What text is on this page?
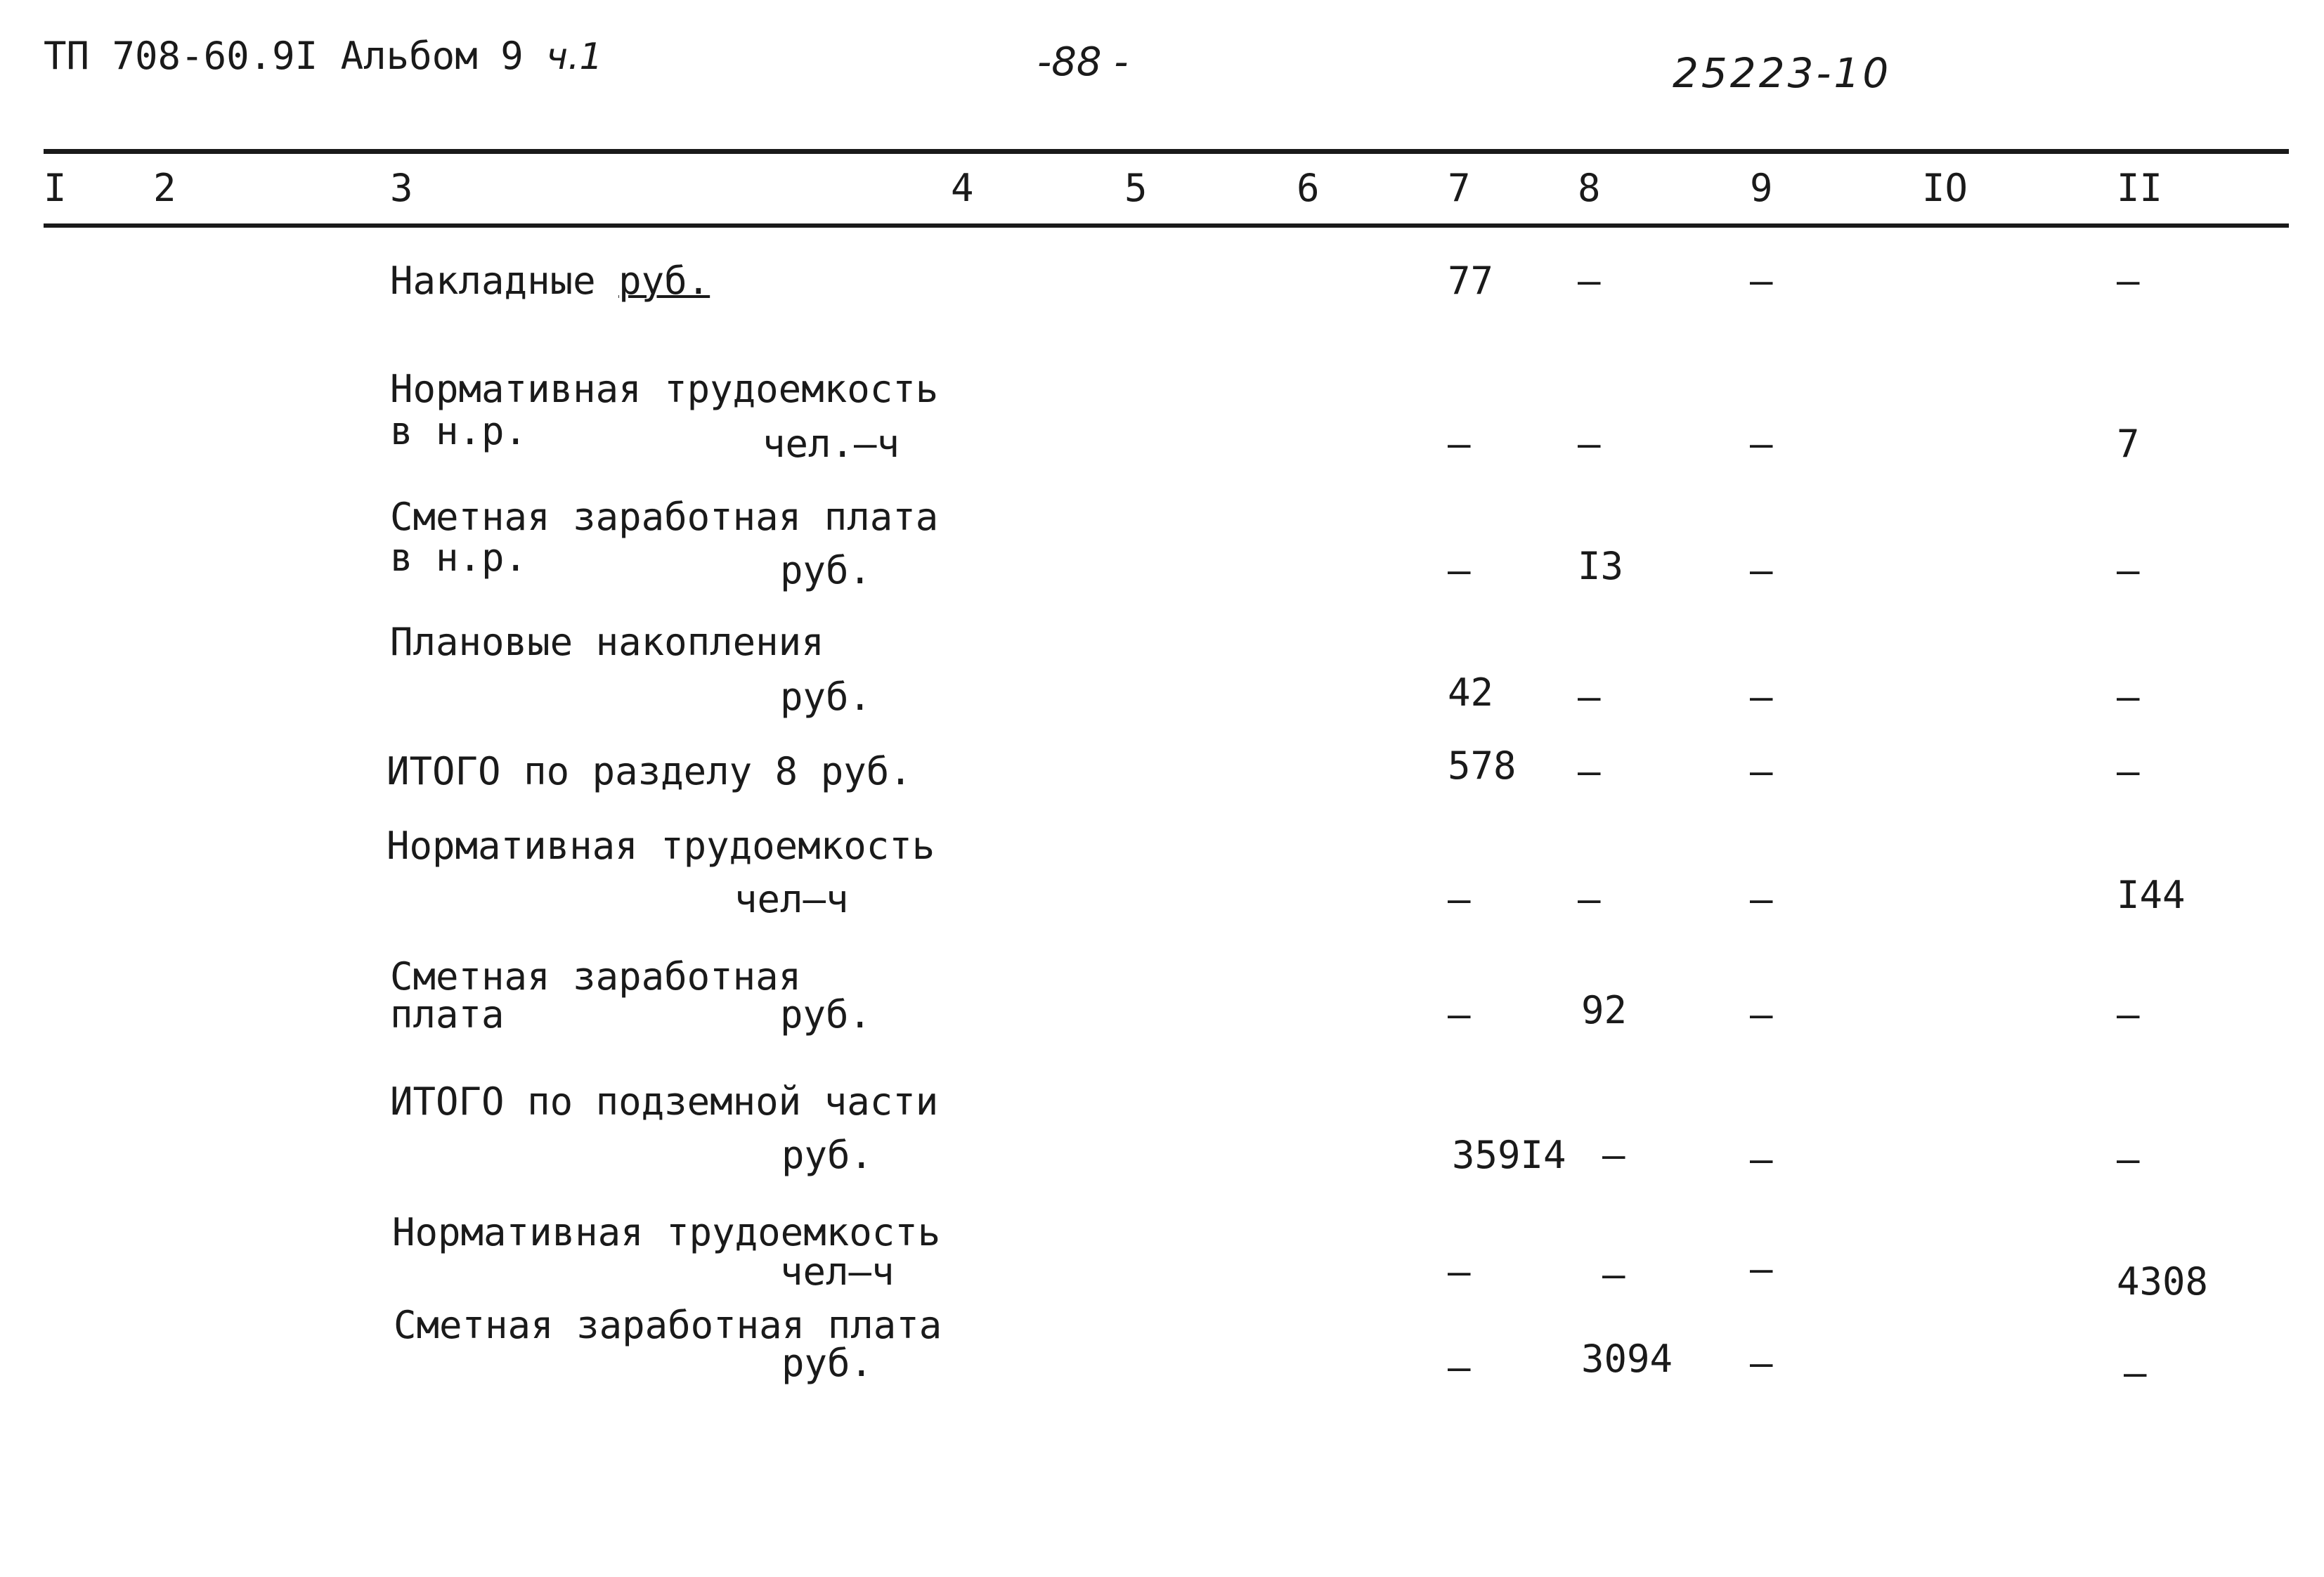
ТП 708-60.9I Альбом 9 ч.1	-88 -	25223-10
I 2	3	4	5	6	7	8	9	IO	II
Накладные руб.	77 –	–	–
Нормативная трудоемкость
в н.р.	чел.–ч	–	–	–	7
Сметная заработная плата
в н.р.	руб.	–	I3	–	–
Плановые накопления
руб.	42 –	–	–
ИТОГО по разделу 8 руб.	578 –	–	–
Нормативная трудоемкость
чел–ч	–	–	–	I44
Сметная заработная
плата	руб.	–	92	–	–
ИТОГО по подземной части
руб.	359I4 –	–	–
Нормативная трудоемкость
чел–ч	–	–	–	4308
Сметная заработная плата
руб.	–	3094 –	–
